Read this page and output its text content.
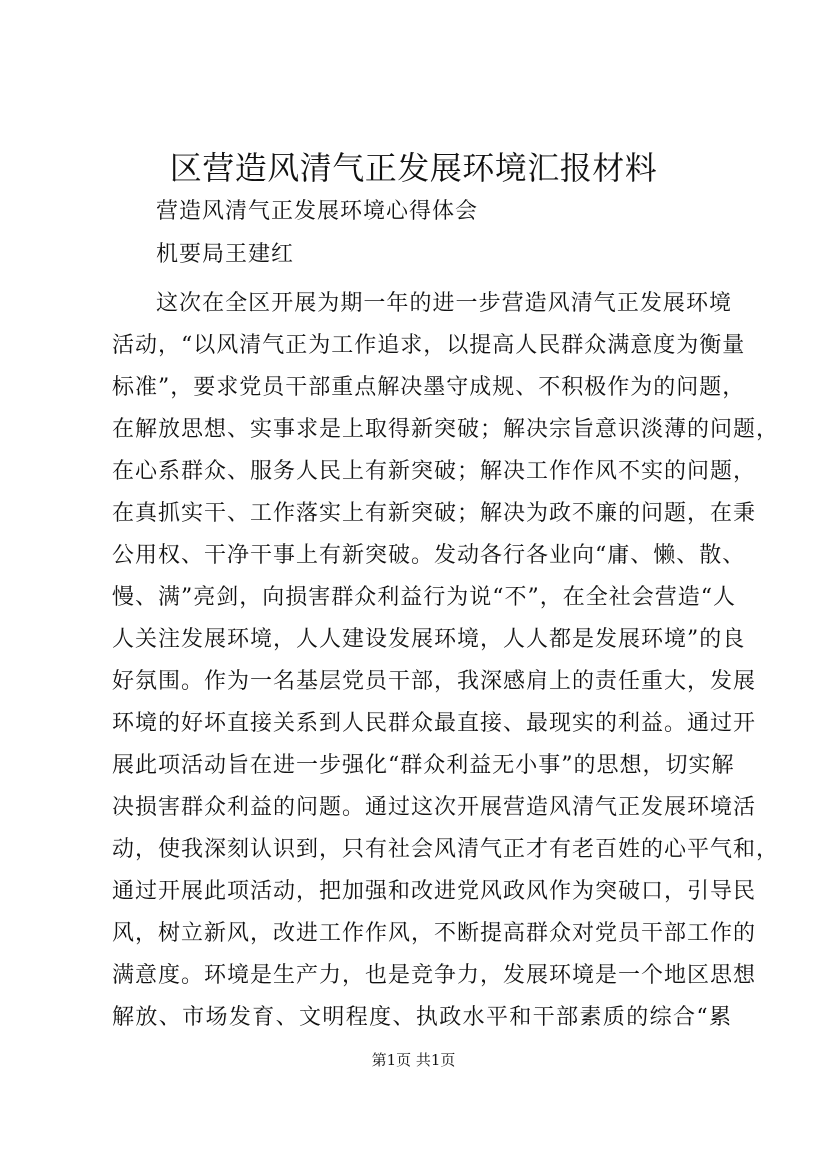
区营造风清气正发展环境汇报材料
营造风清气正发展环境心得体会
机要局王建红
这次在全区开展为期一年的进一步营造风清气正发展环境
活动，“以风清气正为工作追求，以提高人民群众满意度为衡量
标准”，要求党员干部重点解决墨守成规、不积极作为的问题，
在解放思想、实事求是上取得新突破；解决宗旨意识淡薄的问题，
在心系群众、服务人民上有新突破；解决工作作风不实的问题，
在真抓实干、工作落实上有新突破；解决为政不廉的问题，在秉
公用权、干净干事上有新突破。发动各行各业向“庸、懒、散、
慢、满”亮剑，向损害群众利益行为说“不”，在全社会营造“人
人关注发展环境，人人建设发展环境，人人都是发展环境”的良
好氛围。作为一名基层党员干部，我深感肩上的责任重大，发展
环境的好坏直接关系到人民群众最直接、最现实的利益。通过开
展此项活动旨在进一步强化“群众利益无小事”的思想，切实解
决损害群众利益的问题。通过这次开展营造风清气正发展环境活
动，使我深刻认识到，只有社会风清气正才有老百姓的心平气和，
通过开展此项活动，把加强和改进党风政风作为突破口，引导民
风，树立新风，改进工作作风，不断提高群众对党员干部工作的
满意度。环境是生产力，也是竞争力，发展环境是一个地区思想
解放、市场发育、文明程度、执政水平和干部素质的综合“累
第1页 共1页
